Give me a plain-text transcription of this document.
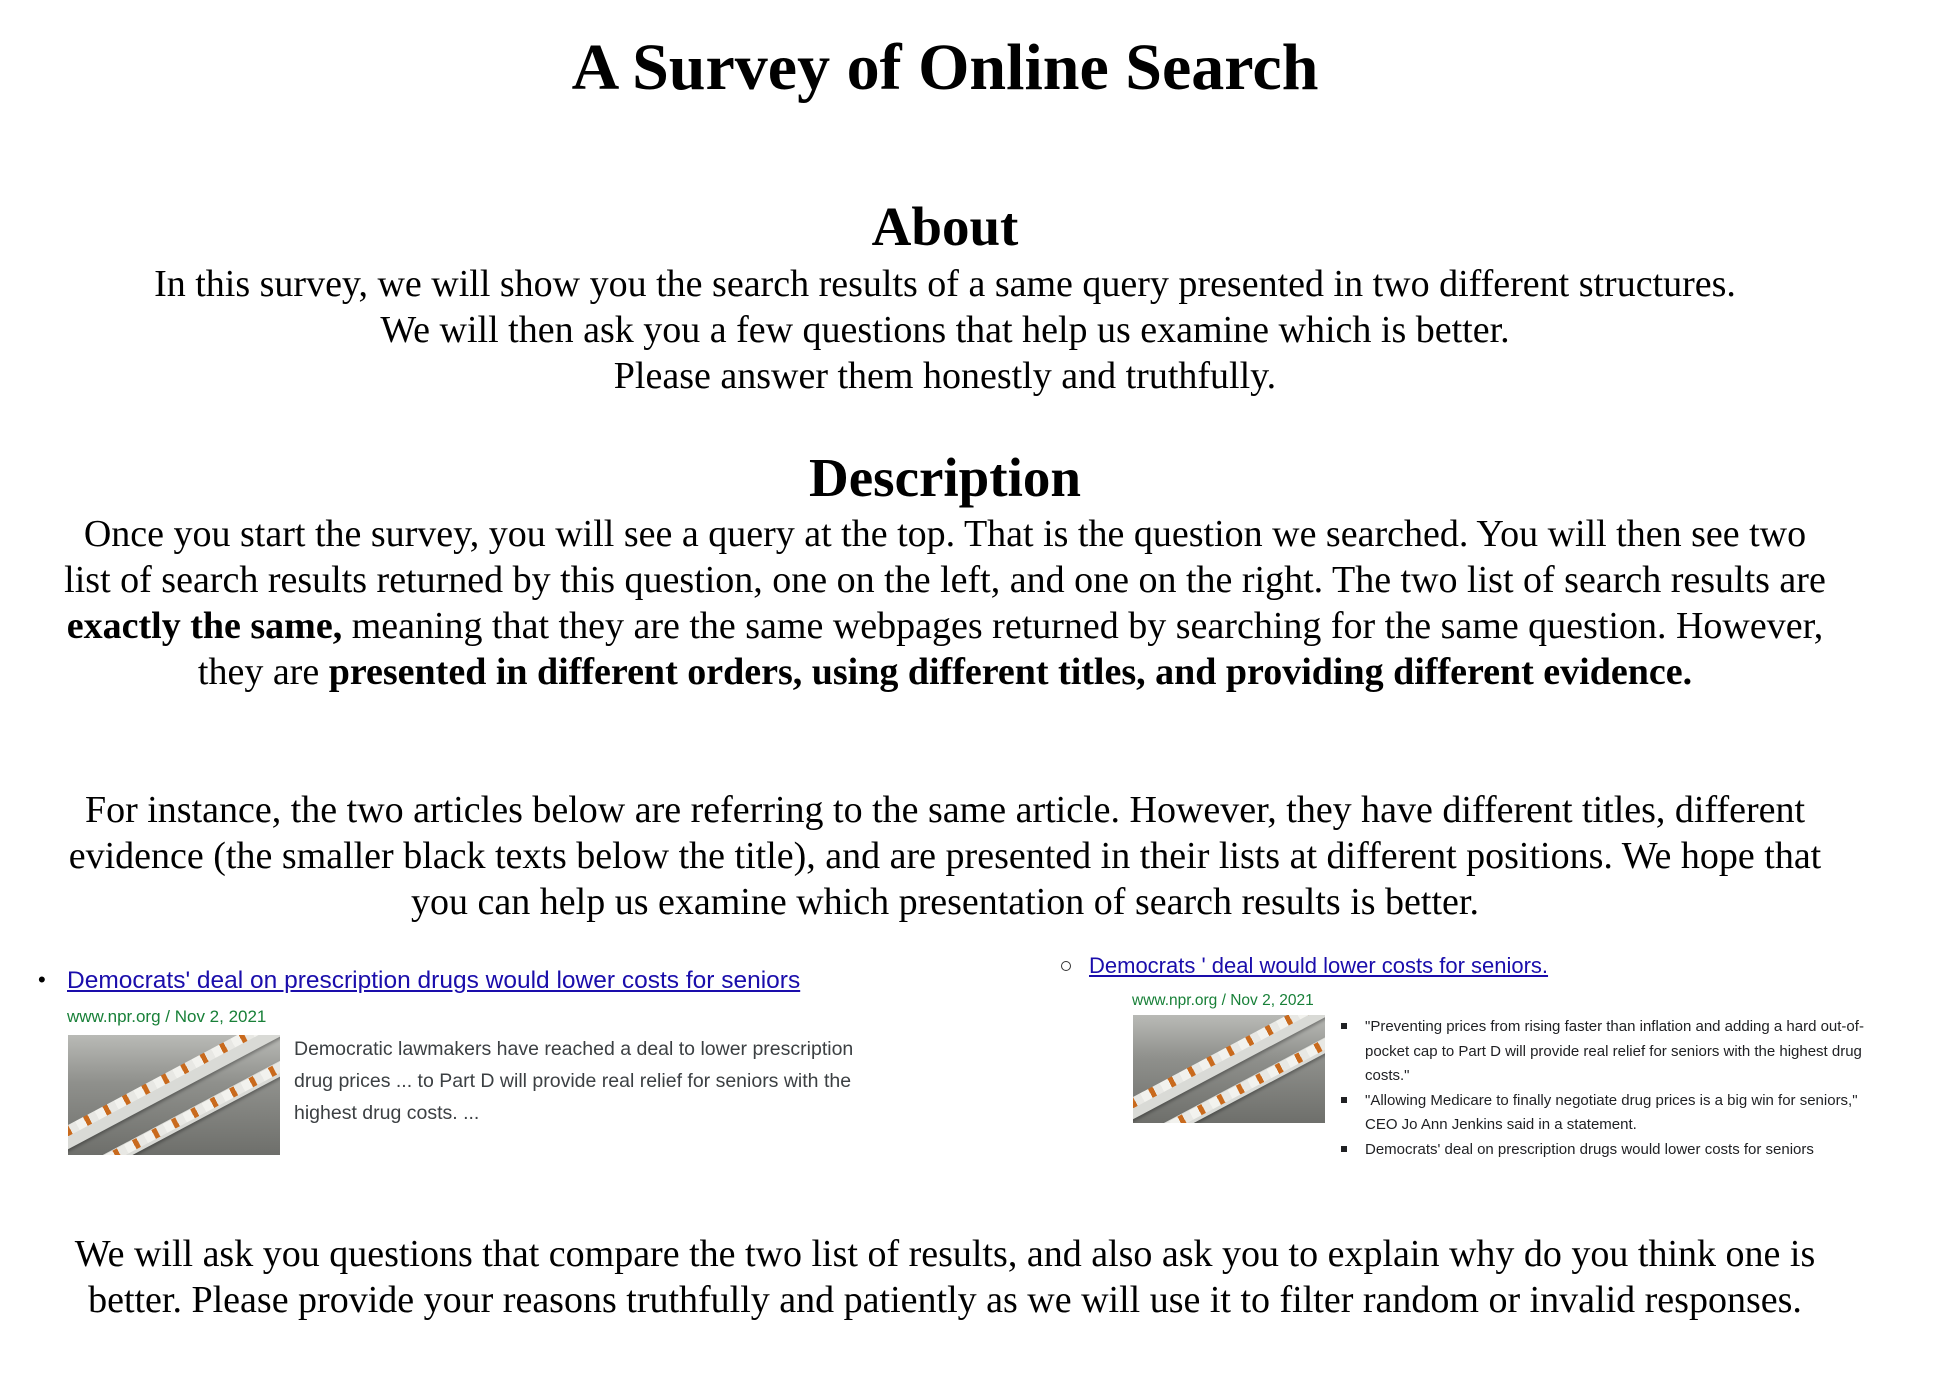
A Survey of Online Search
About
In this survey, we will show you the search results of a same query presented in two different structures.
We will then ask you a few questions that help us examine which is better.
Please answer them honestly and truthfully.
Description

Once you start the survey, you will see a query at the top. That is the question we searched. You will then see two list of search results returned by this question, one on the left, and one on the right. The two list of search results are exactly the same, meaning that they are the same webpages returned by searching for the same question. However, they are presented in different orders, using different titles, and providing different evidence.

For instance, the two articles below are referring to the same article. However, they have different titles, different evidence (the smaller black texts below the title), and are presented in their lists at different positions. We hope that you can help us examine which presentation of search results is better.

• Democrats' deal on prescription drugs would lower costs for seniors
www.npr.org / Nov 2, 2021
Democratic lawmakers have reached a deal to lower prescription drug prices ... to Part D will provide real relief for seniors with the highest drug costs. ...
Democrats ' deal would lower costs for seniors.
www.npr.org / Nov 2, 2021
"Preventing prices from rising faster than inflation and adding a hard out-of-pocket cap to Part D will provide real relief for seniors with the highest drug costs."
"Allowing Medicare to finally negotiate drug prices is a big win for seniors," CEO Jo Ann Jenkins said in a statement.
Democrats' deal on prescription drugs would lower costs for seniors

We will ask you questions that compare the two list of results, and also ask you to explain why do you think one is better. Please provide your reasons truthfully and patiently as we will use it to filter random or invalid responses.
